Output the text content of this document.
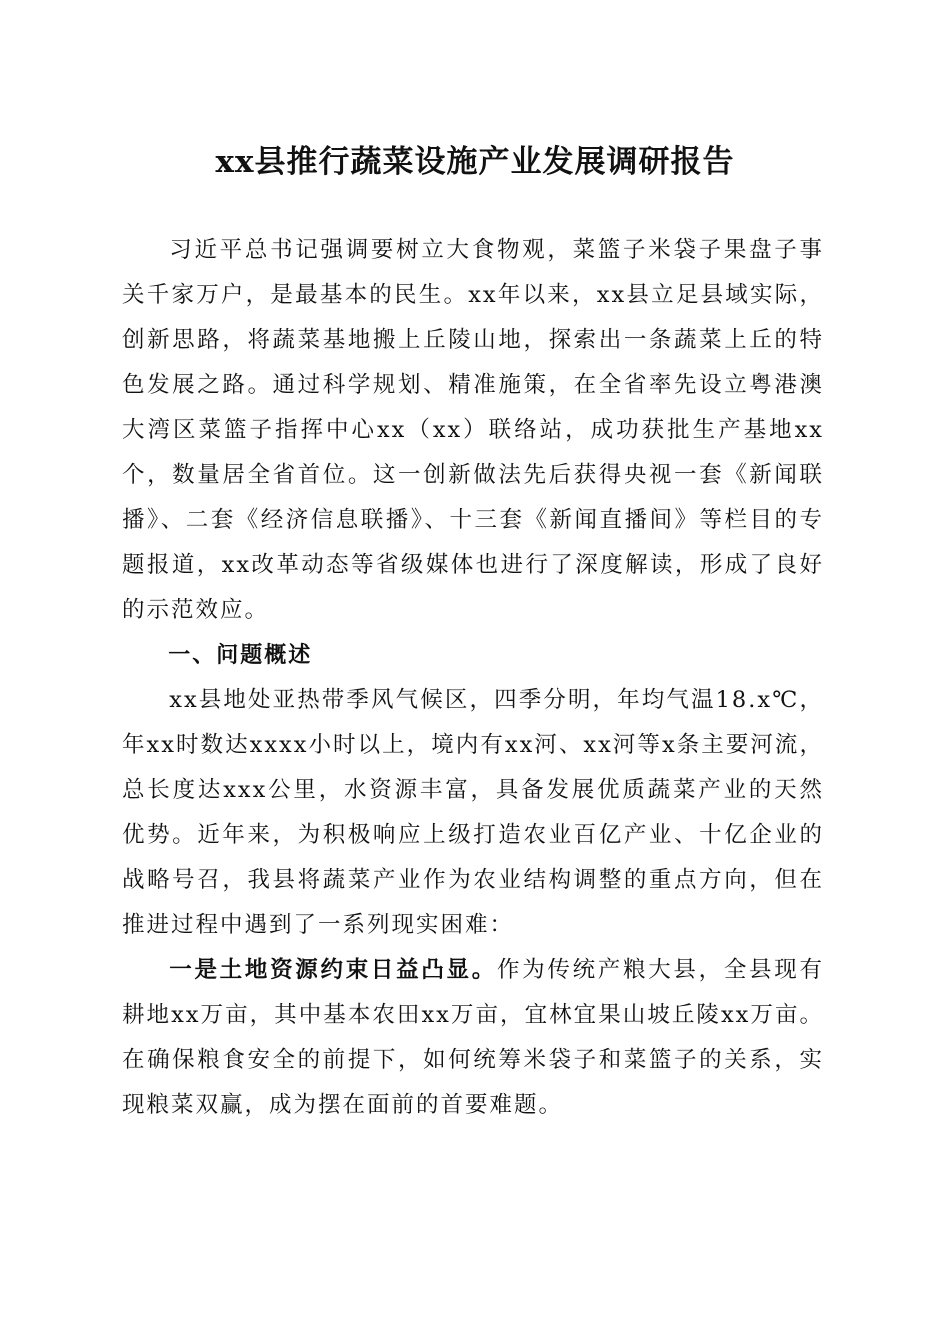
xx县推行蔬菜设施产业发展调研报告

习近平总书记强调要树立大食物观，菜篮子米袋子果盘子事关千家万户，是最基本的民生。xx年以来，xx县立足县域实际，创新思路，将蔬菜基地搬上丘陵山地，探索出一条蔬菜上丘的特色发展之路。通过科学规划、精准施策，在全省率先设立粤港澳大湾区菜篮子指挥中心xx（xx）联络站，成功获批生产基地xx个，数量居全省首位。这一创新做法先后获得央视一套《新闻联播》、二套《经济信息联播》、十三套《新闻直播间》等栏目的专题报道，xx改革动态等省级媒体也进行了深度解读，形成了良好的示范效应。

一、问题概述

xx县地处亚热带季风气候区，四季分明，年均气温18.x℃，年xx时数达xxxx小时以上，境内有xx河、xx河等x条主要河流，总长度达xxx公里，水资源丰富，具备发展优质蔬菜产业的天然优势。近年来，为积极响应上级打造农业百亿产业、十亿企业的战略号召，我县将蔬菜产业作为农业结构调整的重点方向，但在推进过程中遇到了一系列现实困难：

一是土地资源约束日益凸显。作为传统产粮大县，全县现有耕地xx万亩，其中基本农田xx万亩，宜林宜果山坡丘陵xx万亩。在确保粮食安全的前提下，如何统筹米袋子和菜篮子的关系，实现粮菜双赢，成为摆在面前的首要难题。
